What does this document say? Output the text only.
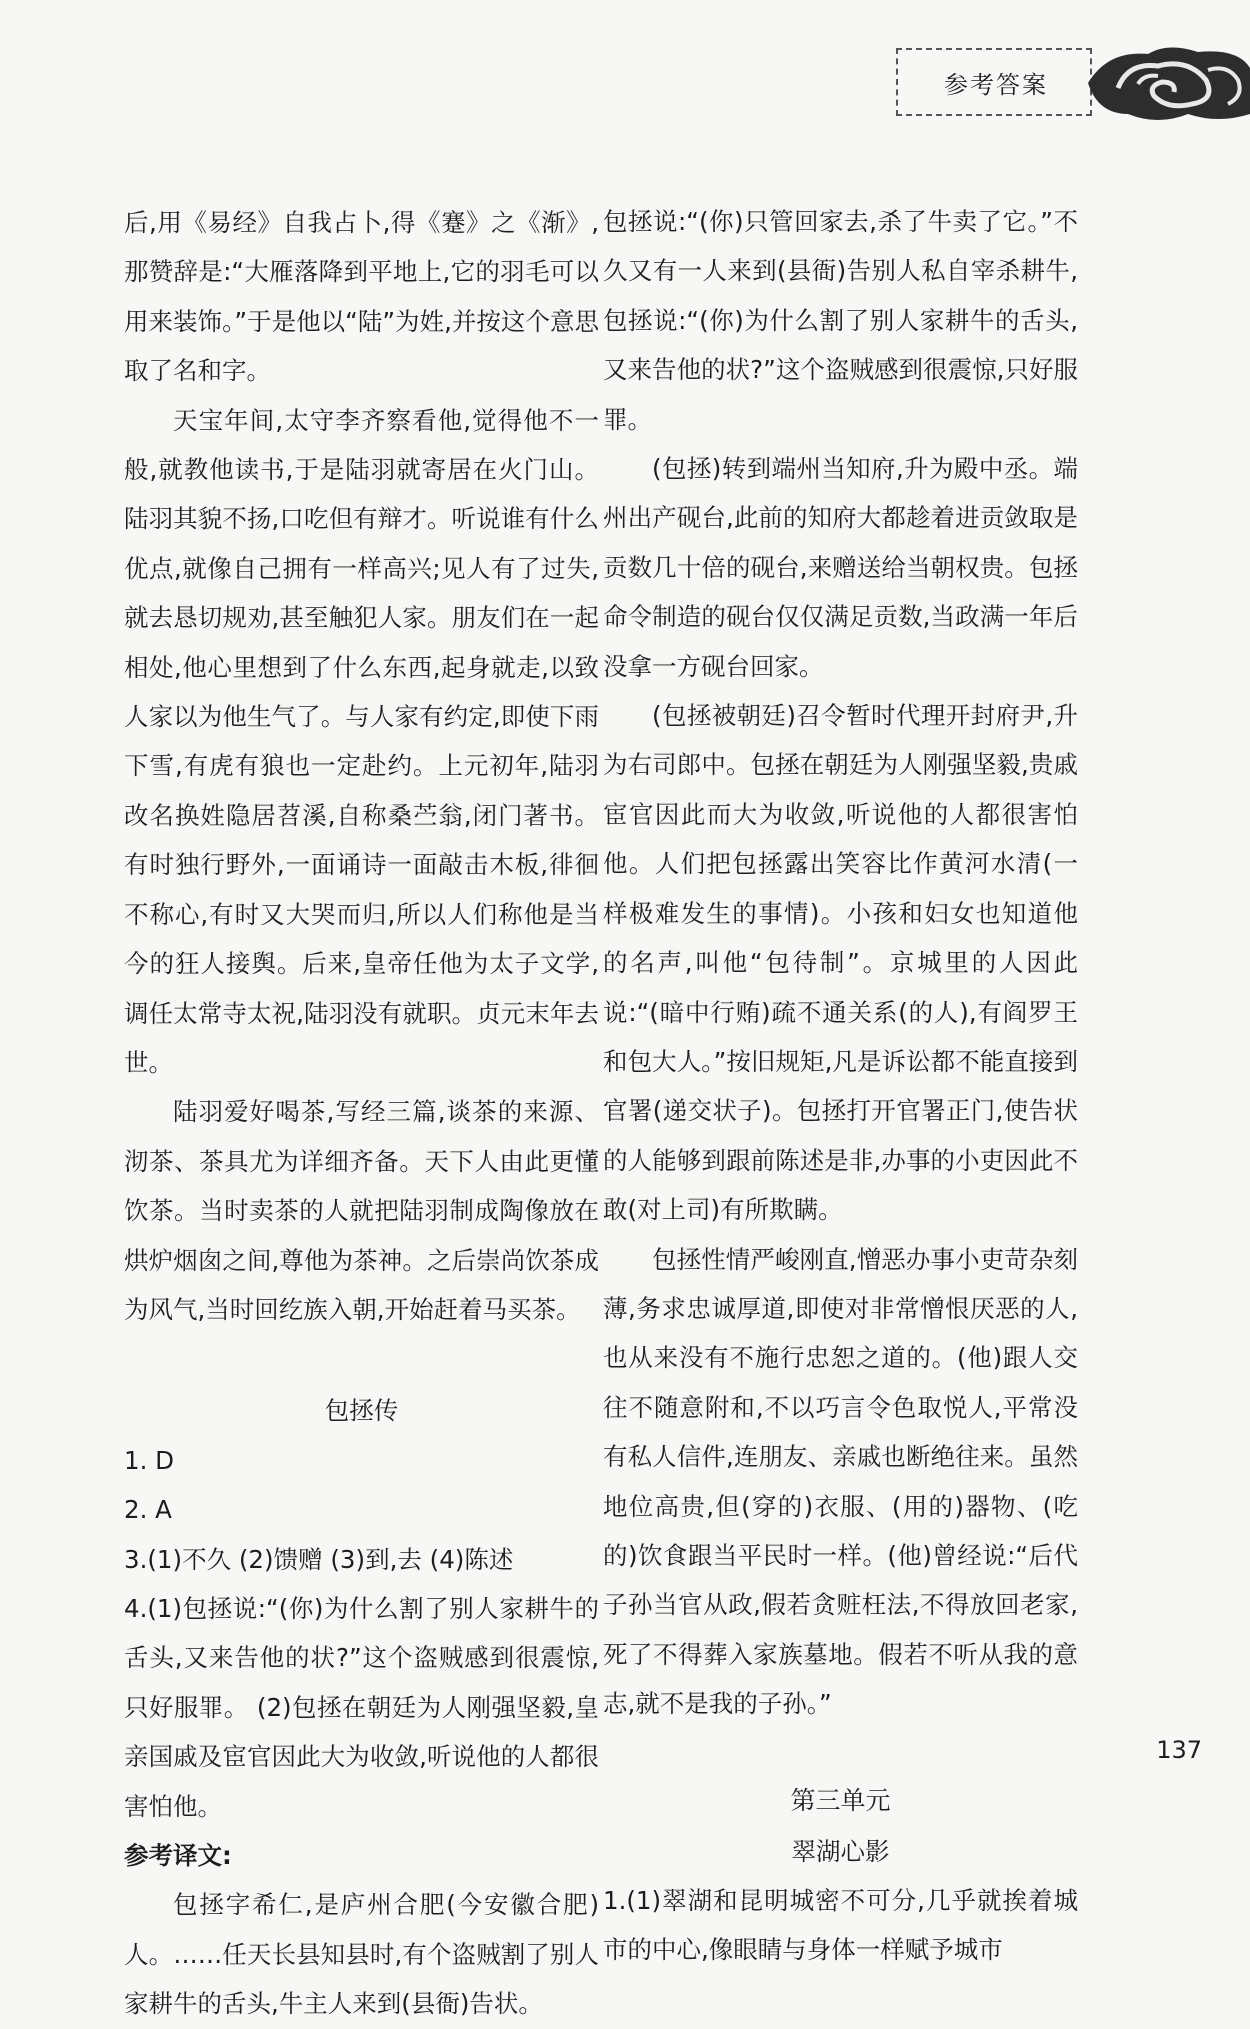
参考答案

后,用《易经》自我占卜,得《蹇》之《渐》,那赞辞是:“大雁落降到平地上,它的羽毛可以用来装饰。”于是他以“陆”为姓,并按这个意思取了名和字。

天宝年间,太守李齐察看他,觉得他不一般,就教他读书,于是陆羽就寄居在火门山。陆羽其貌不扬,口吃但有辩才。听说谁有什么优点,就像自己拥有一样高兴;见人有了过失,就去恳切规劝,甚至触犯人家。朋友们在一起相处,他心里想到了什么东西,起身就走,以致人家以为他生气了。与人家有约定,即使下雨下雪,有虎有狼也一定赴约。上元初年,陆羽改名换姓隐居苕溪,自称桑苎翁,闭门著书。有时独行野外,一面诵诗一面敲击木板,徘徊不称心,有时又大哭而归,所以人们称他是当今的狂人接舆。后来,皇帝任他为太子文学,调任太常寺太祝,陆羽没有就职。贞元末年去世。

陆羽爱好喝茶,写经三篇,谈茶的来源、沏茶、茶具尤为详细齐备。天下人由此更懂饮茶。当时卖茶的人就把陆羽制成陶像放在烘炉烟囱之间,尊他为茶神。之后崇尚饮茶成为风气,当时回纥族入朝,开始赶着马买茶。

包拯传

1. D

2. A

3.(1)不久 (2)馈赠 (3)到,去 (4)陈述

4.(1)包拯说:“(你)为什么割了别人家耕牛的舌头,又来告他的状?”这个盗贼感到很震惊,只好服罪。 (2)包拯在朝廷为人刚强坚毅,皇亲国戚及宦官因此大为收敛,听说他的人都很害怕他。

参考译文:

包拯字希仁,是庐州合肥(今安徽合肥)人。……任天长县知县时,有个盗贼割了别人家耕牛的舌头,牛主人来到(县衙)告状。

包拯说:“(你)只管回家去,杀了牛卖了它。”不久又有一人来到(县衙)告别人私自宰杀耕牛,包拯说:“(你)为什么割了别人家耕牛的舌头,又来告他的状?”这个盗贼感到很震惊,只好服罪。

(包拯)转到端州当知府,升为殿中丞。端州出产砚台,此前的知府大都趁着进贡敛取是贡数几十倍的砚台,来赠送给当朝权贵。包拯命令制造的砚台仅仅满足贡数,当政满一年后没拿一方砚台回家。

(包拯被朝廷)召令暂时代理开封府尹,升为右司郎中。包拯在朝廷为人刚强坚毅,贵戚宦官因此而大为收敛,听说他的人都很害怕他。人们把包拯露出笑容比作黄河水清(一样极难发生的事情)。小孩和妇女也知道他的名声,叫他“包待制”。京城里的人因此说:“(暗中行贿)疏不通关系(的人),有阎罗王和包大人。”按旧规矩,凡是诉讼都不能直接到官署(递交状子)。包拯打开官署正门,使告状的人能够到跟前陈述是非,办事的小吏因此不敢(对上司)有所欺瞒。

包拯性情严峻刚直,憎恶办事小吏苛杂刻薄,务求忠诚厚道,即使对非常憎恨厌恶的人,也从来没有不施行忠恕之道的。(他)跟人交往不随意附和,不以巧言令色取悦人,平常没有私人信件,连朋友、亲戚也断绝往来。虽然地位高贵,但(穿的)衣服、(用的)器物、(吃的)饮食跟当平民时一样。(他)曾经说:“后代子孙当官从政,假若贪赃枉法,不得放回老家,死了不得葬入家族墓地。假若不听从我的意志,就不是我的子孙。”

第三单元
翠湖心影

1.(1)翠湖和昆明城密不可分,几乎就挨着城市的中心,像眼睛与身体一样赋予城市

137
